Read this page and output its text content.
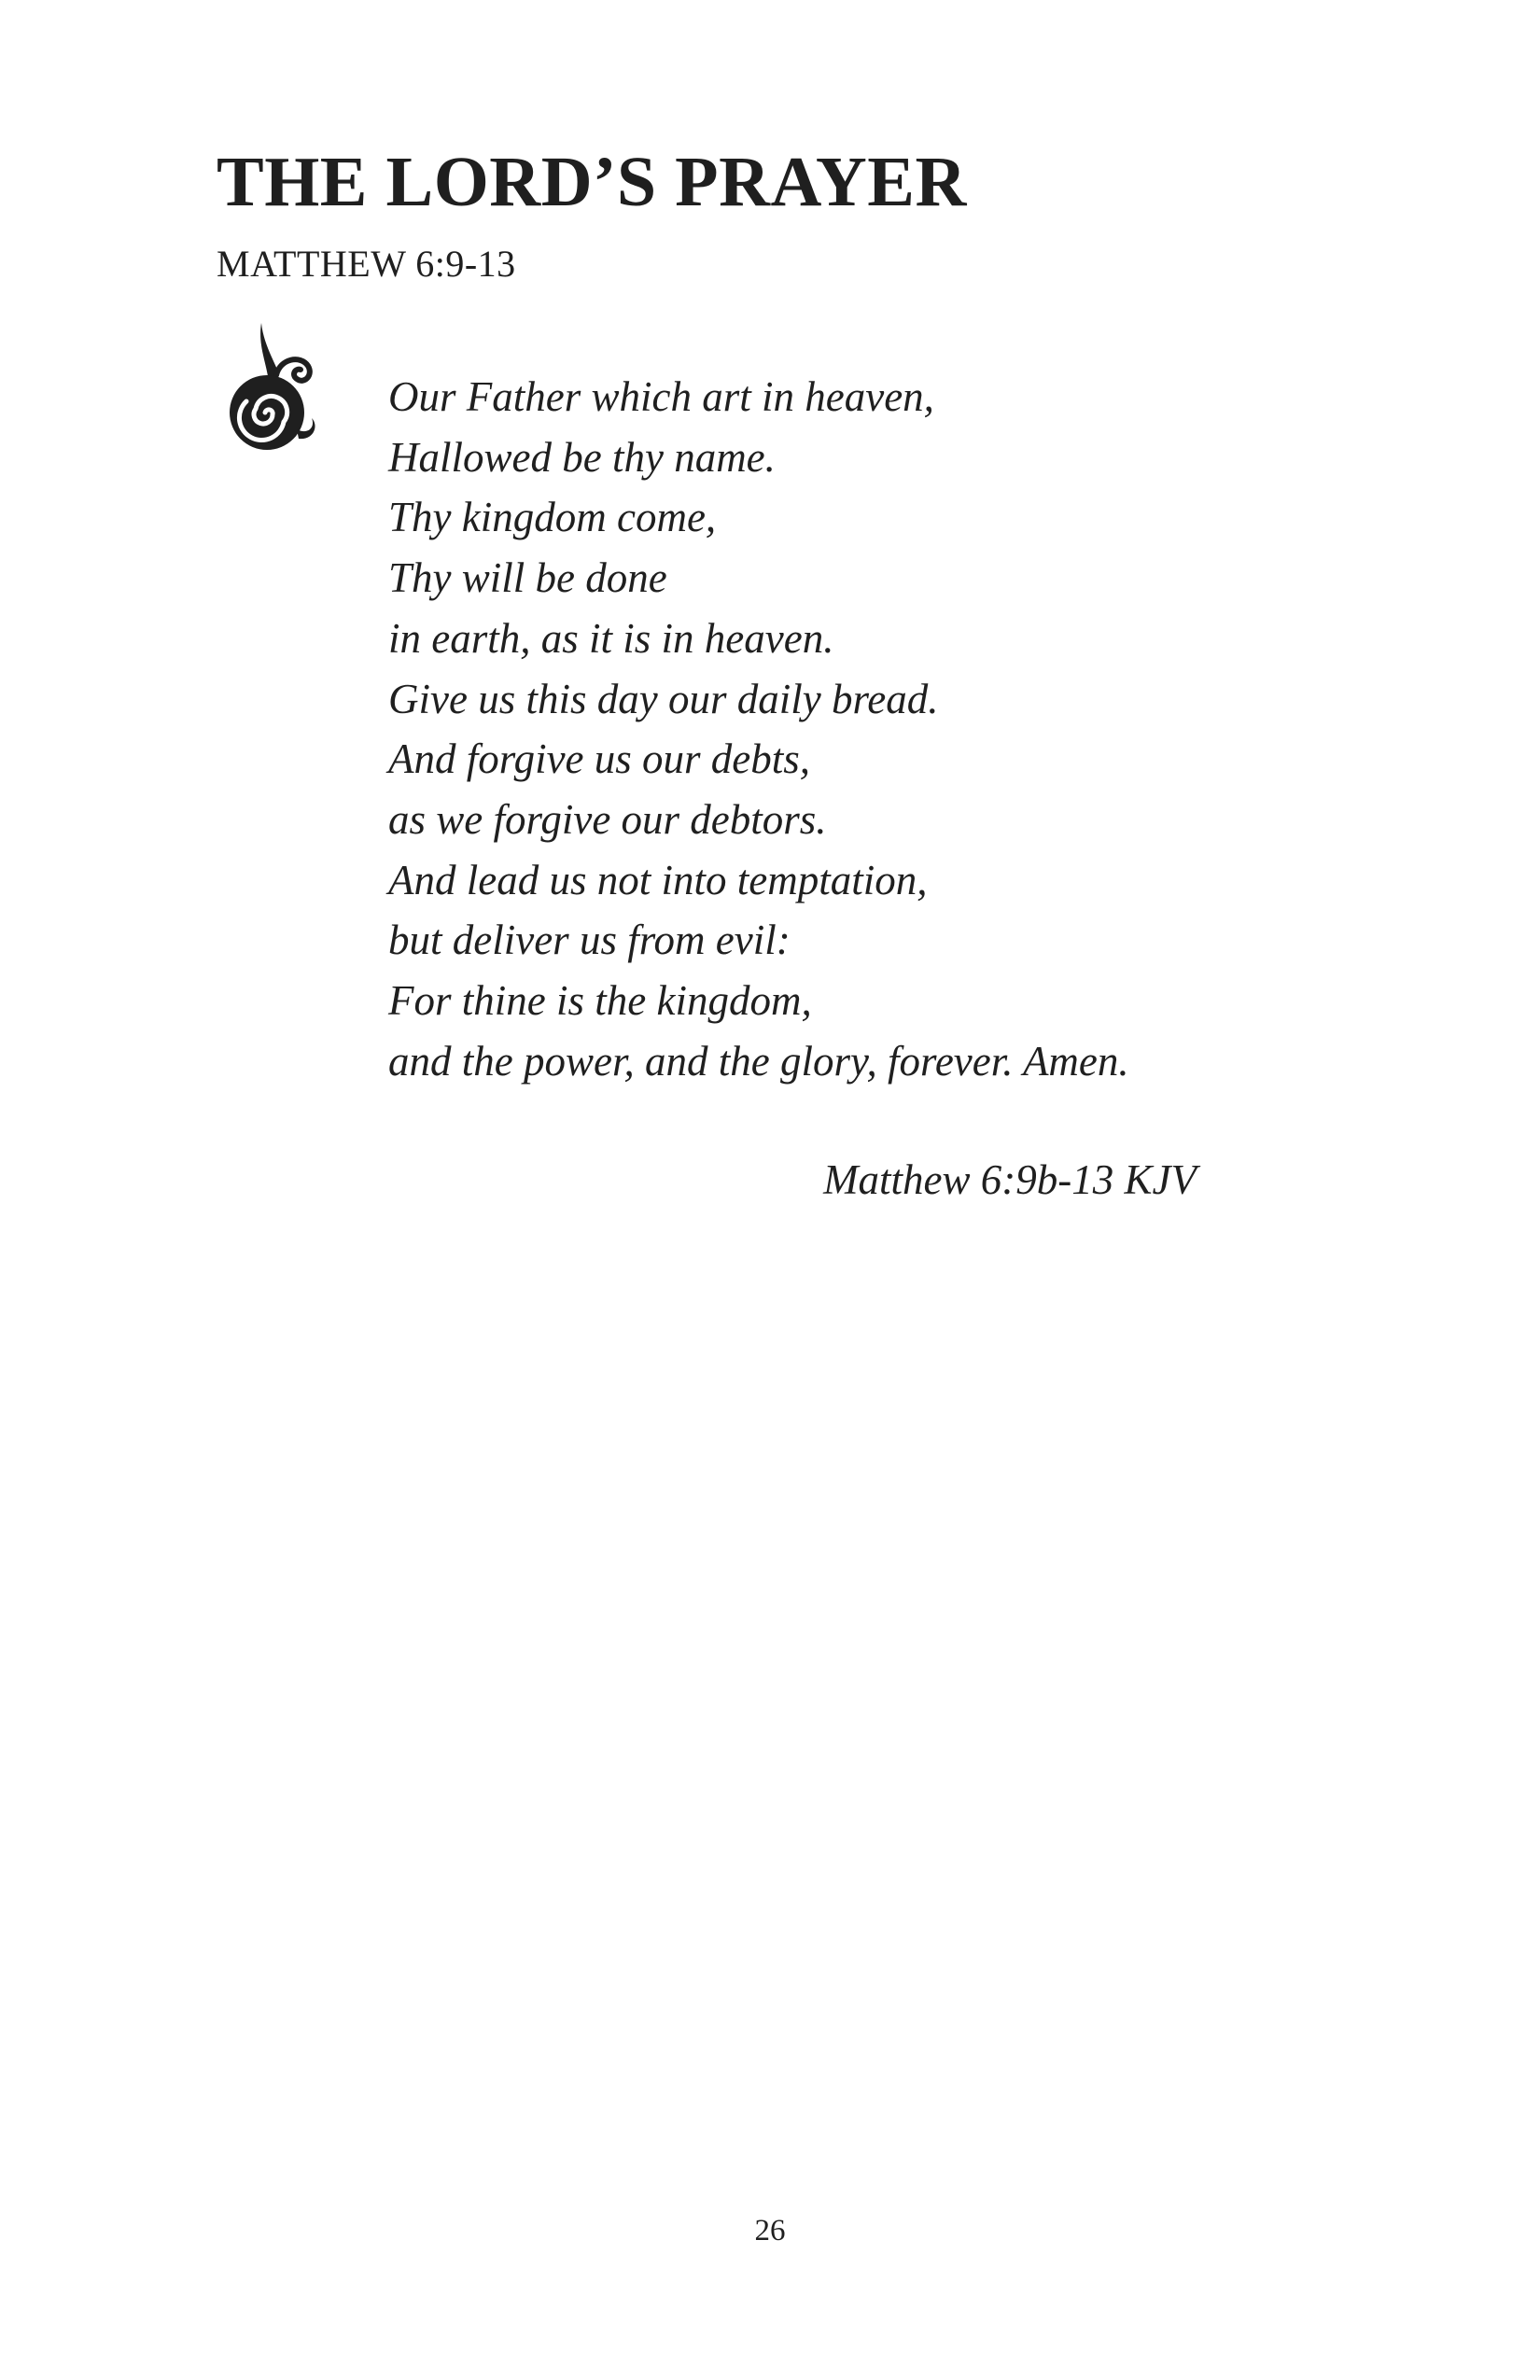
THE LORD’S PRAYER
MATTHEW 6:9-13
Our Father which art in heaven,
Hallowed be thy name.
Thy kingdom come,
Thy will be done
in earth, as it is in heaven.
Give us this day our daily bread.
And forgive us our debts,
as we forgive our debtors.
And lead us not into temptation,
but deliver us from evil:
For thine is the kingdom,
and the power, and the glory, forever. Amen.
Matthew 6:9b-13 KJV
26
